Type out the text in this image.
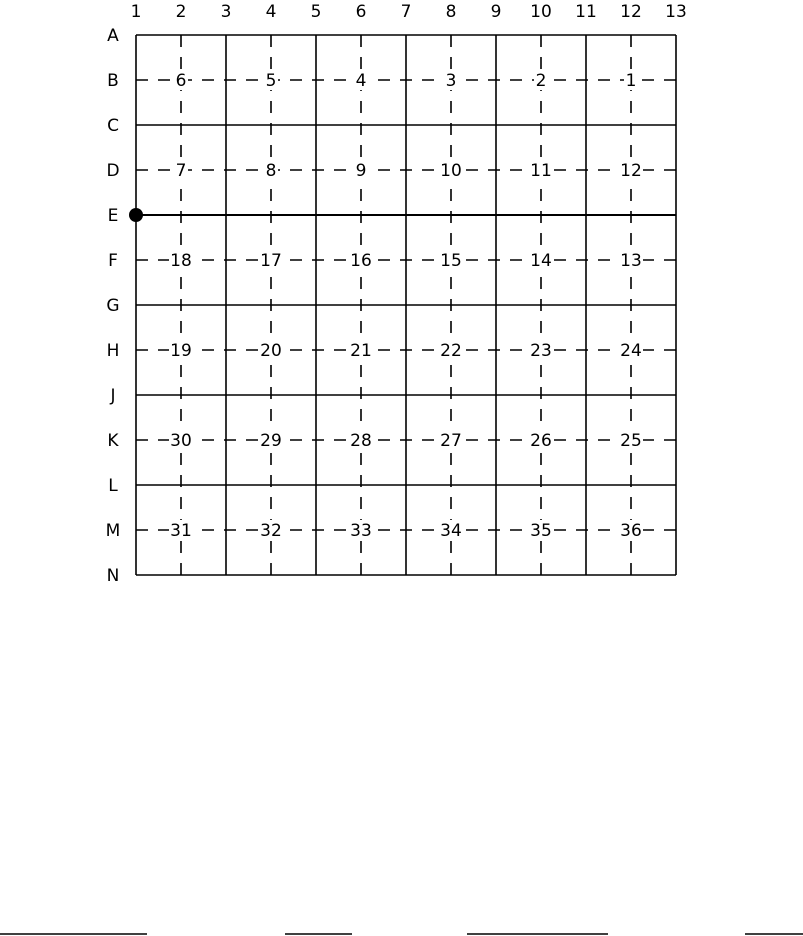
1 2 3 4 5 6 7 8 9 10 11 12 13
A
B
C
D
E
F
G
H
J
K
L
M
N
6	5	4	3	2	1
7	8	9	10	11	12
18	17	16	15	14	13
19	20	21	22	23	24
30	29	28	27	26	25
31	32	33	34	35	36
